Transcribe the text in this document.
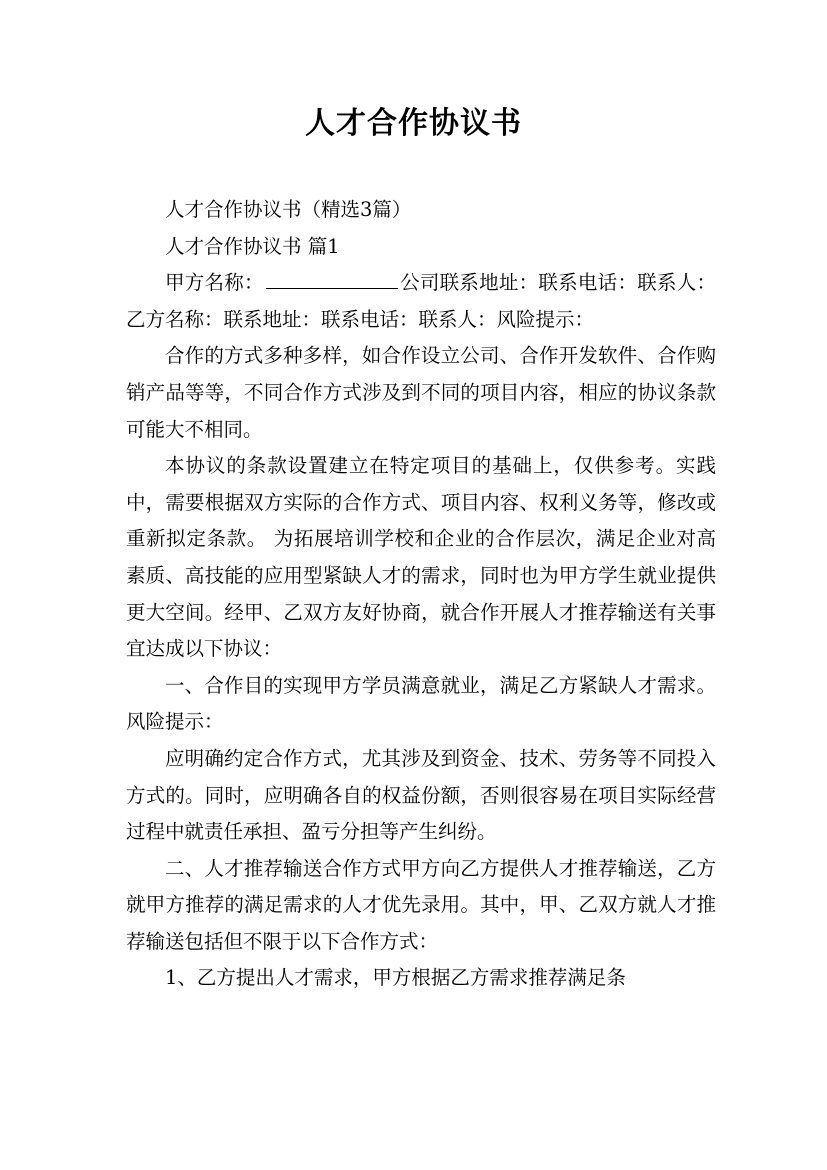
人才合作协议书

人才合作协议书（精选3篇）

人才合作协议书 篇1

甲方名称：	公司联系地址：联系电话：联系人：乙方名称：联系地址：联系电话：联系人：风险提示：

合作的方式多种多样，如合作设立公司、合作开发软件、合作购销产品等等，不同合作方式涉及到不同的项目内容，相应的协议条款可能大不相同。

本协议的条款设置建立在特定项目的基础上，仅供参考。实践中，需要根据双方实际的合作方式、项目内容、权利义务等，修改或重新拟定条款。 为拓展培训学校和企业的合作层次，满足企业对高素质、高技能的应用型紧缺人才的需求，同时也为甲方学生就业提供更大空间。经甲、乙双方友好协商，就合作开展人才推荐输送有关事宜达成以下协议：

一、合作目的实现甲方学员满意就业，满足乙方紧缺人才需求。风险提示：

应明确约定合作方式，尤其涉及到资金、技术、劳务等不同投入方式的。同时，应明确各自的权益份额，否则很容易在项目实际经营过程中就责任承担、盈亏分担等产生纠纷。

二、人才推荐输送合作方式甲方向乙方提供人才推荐输送，乙方就甲方推荐的满足需求的人才优先录用。其中，甲、乙双方就人才推荐输送包括但不限于以下合作方式：

1、乙方提出人才需求，甲方根据乙方需求推荐满足条
